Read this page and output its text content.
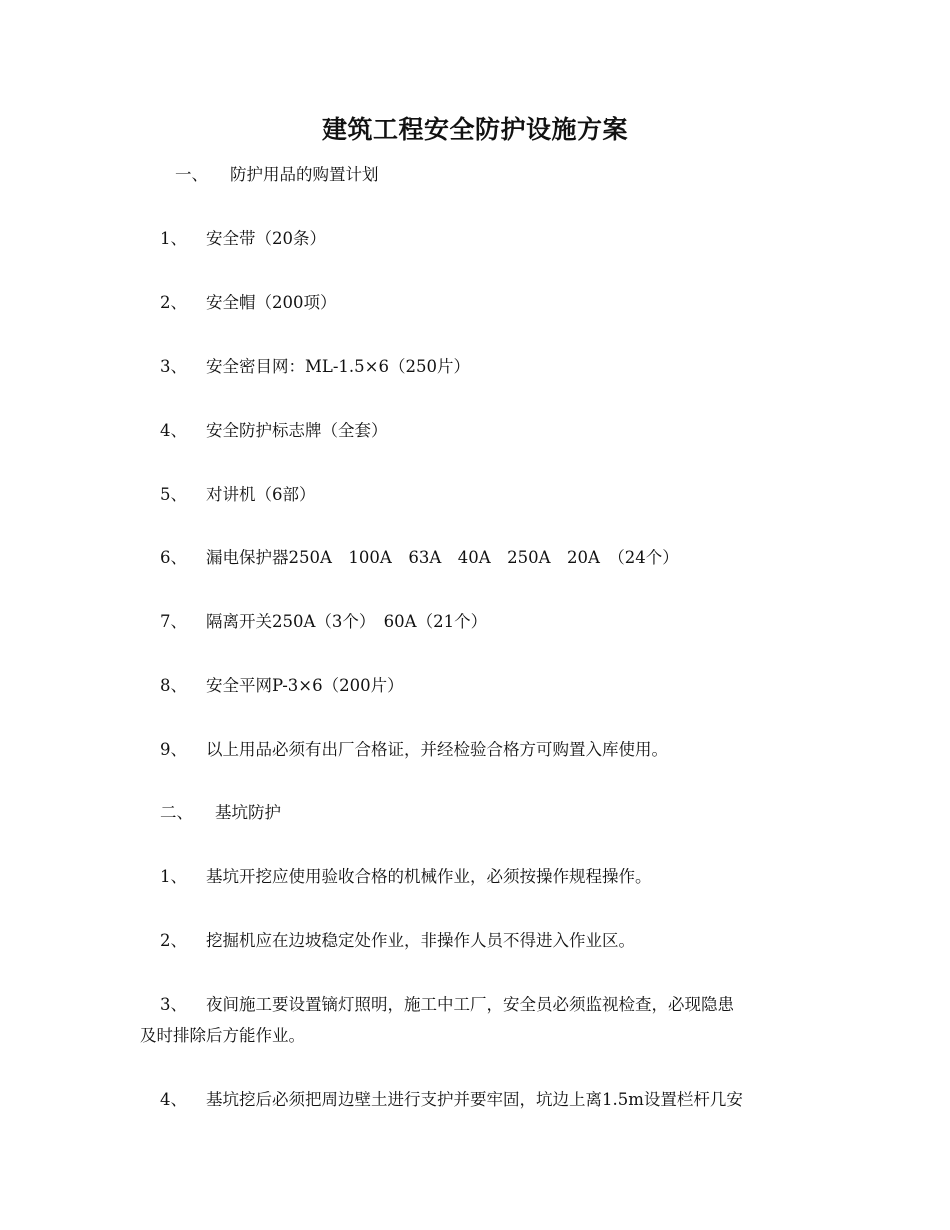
建筑工程安全防护设施方案
一、 防护用品的购置计划
1、 安全带（20条）
2、 安全帽（200项）
3、 安全密目网：ML-1.5×6（250片）
4、 安全防护标志牌（全套）
5、 对讲机（6部）
6、 漏电保护器250A　100A　63A　40A　250A　20A　（24个）
7、 隔离开关250A（3个）　60A（21个）
8、 安全平网P-3×6（200片）
9、 以上用品必须有出厂合格证，并经检验合格方可购置入库使用。
二、 基坑防护
1、 基坑开挖应使用验收合格的机械作业，必须按操作规程操作。
2、 挖掘机应在边坡稳定处作业，非操作人员不得进入作业区。
3、 夜间施工要设置镝灯照明，施工中工厂，安全员必须监视检查，必现隐患
及时排除后方能作业。
4、 基坑挖后必须把周边壁土进行支护并要牢固，坑边上离1.5m设置栏杆几安
